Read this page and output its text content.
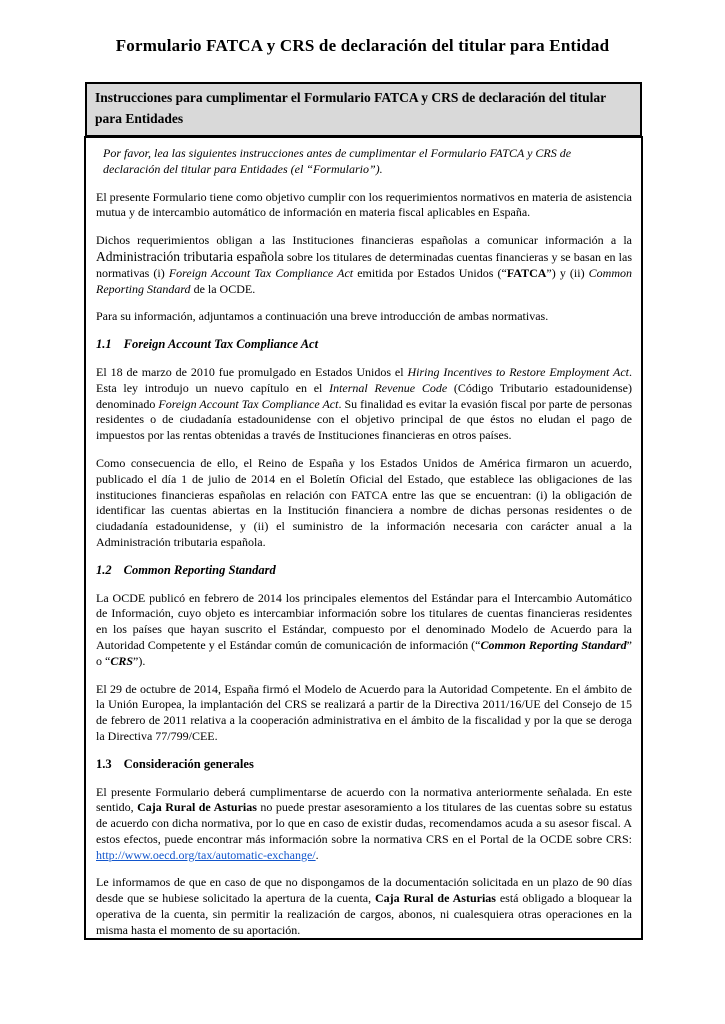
Formulario FATCA y CRS de declaración del titular para Entidad
Instrucciones para cumplimentar el Formulario FATCA y CRS de declaración del titular para Entidades

Por favor, lea las siguientes instrucciones antes de cumplimentar el Formulario FATCA y CRS de declaración del titular para Entidades (el “Formulario”).

El presente Formulario tiene como objetivo cumplir con los requerimientos normativos en materia de asistencia mutua y de intercambio automático de información en materia fiscal aplicables en España.

Dichos requerimientos obligan a las Instituciones financieras españolas a comunicar información a la Administración tributaria española sobre los titulares de determinadas cuentas financieras y se basan en las normativas (i) Foreign Account Tax Compliance Act emitida por Estados Unidos (“FATCA”) y (ii) Common Reporting Standard de la OCDE.

Para su información, adjuntamos a continuación una breve introducción de ambas normativas.

1.1 Foreign Account Tax Compliance Act

El 18 de marzo de 2010 fue promulgado en Estados Unidos el Hiring Incentives to Restore Employment Act. Esta ley introdujo un nuevo capítulo en el Internal Revenue Code (Código Tributario estadounidense) denominado Foreign Account Tax Compliance Act. Su finalidad es evitar la evasión fiscal por parte de personas residentes o de ciudadanía estadounidense con el objetivo principal de que éstos no eludan el pago de impuestos por las rentas obtenidas a través de Instituciones financieras en otros países.

Como consecuencia de ello, el Reino de España y los Estados Unidos de América firmaron un acuerdo, publicado el día 1 de julio de 2014 en el Boletín Oficial del Estado, que establece las obligaciones de las instituciones financieras españolas en relación con FATCA entre las que se encuentran: (i) la obligación de identificar las cuentas abiertas en la Institución financiera a nombre de dichas personas residentes o de ciudadanía estadounidense, y (ii) el suministro de la información necesaria con carácter anual a la Administración tributaria española.

1.2 Common Reporting Standard

La OCDE publicó en febrero de 2014 los principales elementos del Estándar para el Intercambio Automático de Información, cuyo objeto es intercambiar información sobre los titulares de cuentas financieras residentes en los países que hayan suscrito el Estándar, compuesto por el denominado Modelo de Acuerdo para la Autoridad Competente y el Estándar común de comunicación de información (“Common Reporting Standard” o “CRS”).

El 29 de octubre de 2014, España firmó el Modelo de Acuerdo para la Autoridad Competente. En el ámbito de la Unión Europea, la implantación del CRS se realizará a partir de la Directiva 2011/16/UE del Consejo de 15 de febrero de 2011 relativa a la cooperación administrativa en el ámbito de la fiscalidad y por la que se deroga la Directiva 77/799/CEE.

1.3 Consideración generales

El presente Formulario deberá cumplimentarse de acuerdo con la normativa anteriormente señalada. En este sentido, Caja Rural de Asturias no puede prestar asesoramiento a los titulares de las cuentas sobre su estatus de acuerdo con dicha normativa, por lo que en caso de existir dudas, recomendamos acuda a su asesor fiscal. A estos efectos, puede encontrar más información sobre la normativa CRS en el Portal de la OCDE sobre CRS: http://www.oecd.org/tax/automatic-exchange/.

Le informamos de que en caso de que no dispongamos de la documentación solicitada en un plazo de 90 días desde que se hubiese solicitado la apertura de la cuenta, Caja Rural de Asturias está obligado a bloquear la operativa de la cuenta, sin permitir la realización de cargos, abonos, ni cualesquiera otras operaciones en la misma hasta el momento de su aportación.
